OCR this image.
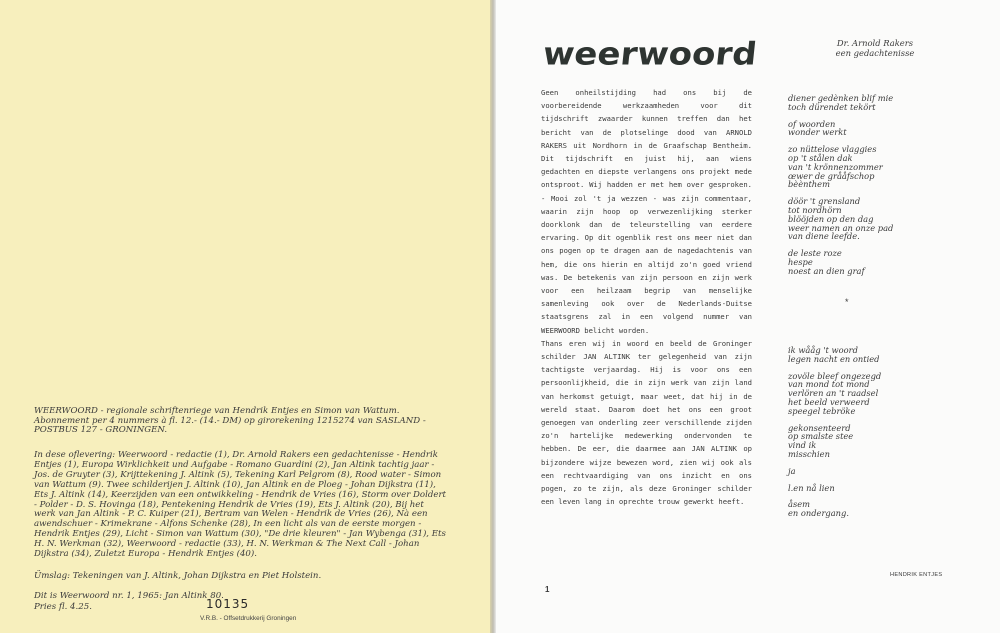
WEERWOORD - regionale schriftenriege van Hendrik Entjes en Simon van Wattum. Abonnement per 4 nummers à fl. 12.- (14.- DM) op girorekening 1215274 van SASLAND - POSTBUS 127 - GRONINGEN.
In dese oflevering: Weerwoord - redactie (1), Dr. Arnold Rakers een gedachtenisse - Hendrik Entjes (1), Europa Wirklichkeit und Aufgabe - Romano Guardini (2), Jan Altink tachtig jaar - Jos. de Gruyter (3), Krijttekening J. Altink (5), Tekening Karl Pelgrom (8), Rood water - Simon van Wattum (9). Twee schilderijen J. Altink (10), Jan Altink en de Ploeg - Johan Dijkstra (11), Ets J. Altink (14), Keerzijden van een ontwikkeling - Hendrik de Vries (16), Storm over Doldert - Polder - D. S. Hovinga (18), Pentekening Hendrik de Vries (19), Ets J. Altink (20), Bij het werk van Jan Altink - P. C. Kuiper (21), Bertram van Welen - Hendrik de Vries (26), Nà een awendschuer - Krimekrane - Alfons Schenke (28), In een licht als van de eerste morgen - Hendrik Entjes (29), Licht - Simon van Wattum (30), "De drie kleuren" - Jan Wybenga (31), Ets H. N. Werkman (32), Weerwoord - redactie (33), H. N. Werkman & The Next Call - Johan Dijkstra (34), Zuletzt Europa - Hendrik Entjes (40).
Ümslag: Tekeningen van J. Altink, Johan Dijkstra en Piet Holstein.
Dit is Weerwoord nr. 1, 1965: Jan Altink 80.
Pries fl. 4.25.	10135
V.R.B. - Offsetdrukkerij Groningen
weerwoord	Dr. Arnold Rakers
een gedachtenisse

Geen onheilstijding had ons bij de voorbereidende werkzaamheden voor dit tijdschrift zwaarder kunnen treffen dan het bericht van de plotselinge dood van ARNOLD RAKERS uit Nordhorn in de Graafschap Bentheim. Dit tijdschrift en juist hij, aan wiens gedachten en diepste verlangens ons projekt mede ontsproot. Wij hadden er met hem over gesproken. - Mooi zol 't ja wezzen - was zijn commentaar, waarin zijn hoop op verwezenlijking sterker doorklonk dan de teleurstelling van eerdere ervaring. Op dit ogenblik rest ons meer niet dan ons pogen op te dragen aan de nagedachtenis van hem, die ons hierin en altijd zo'n goed vriend was. De betekenis van zijn persoon en zijn werk voor een heilzaam begrip van menselijke samenleving ook over de Nederlands-Duitse staatsgrens zal in een volgend nummer van WEERWOORD belicht worden.

Thans eren wij in woord en beeld de Groninger schilder JAN ALTINK ter gelegenheid van zijn tachtigste verjaardag. Hij is voor ons een persoonlijkheid, die in zijn werk van zijn land van herkomst getuigt, maar weet, dat hij in de wereld staat. Daarom doet het ons een groot genoegen van onderling zeer verschillende zijden zo'n hartelijke medewerking ondervonden te hebben. De eer, die daarmee aan JAN ALTINK op bijzondere wijze bewezen word, zien wij ook als een rechtvaardiging van ons inzicht en ons pogen, zo te zijn, als deze Groninger schilder een leven lang in oprechte trouw gewerkt heeft.

1
diener gedènken blif mie
toch dürendet tekört
of woorden
wonder werkt
zo nüttelose vlaggies
op 't stålen dak
van 't krönnenzommer
œwer de grååfschop
bèènthem
döör 't grensland
tot nordhörn
blööjden op den dag
weer namen an onze pad
van diene leefde.
de leste roze
hespe
noest an dien graf
*
ik wååg 't woord
legen nacht en ontied
zovöle bleef ongezegd
van mond tot mond
verlören an 't raadsel
het beeld verweerd
speegel tebröke
gekonsenteerd
op smalste stee
vind ik
misschien
ja
l.en nå lien
åsem
en ondergang.
HENDRIK ENTJES
